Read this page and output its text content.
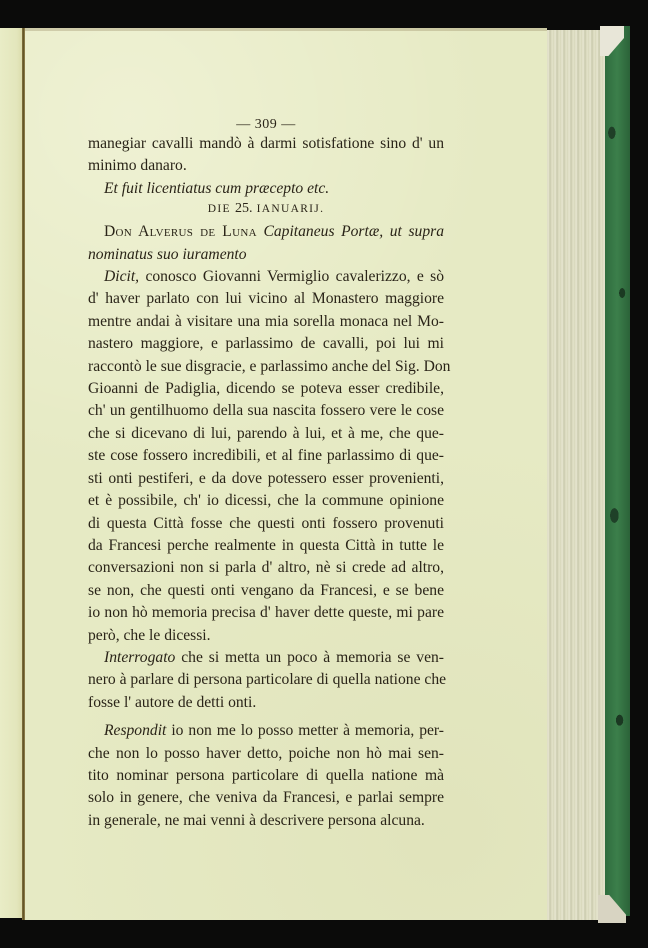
— 309 —
manegiar cavalli mandò à darmi sotisfatione sino d' un
minimo danaro.
Et fuit licentiatus cum præcepto etc.
DIE 25. IANUARIJ.
Don Alverus de Luna Capitaneus Portæ, ut supra
nominatus suo iuramento
Dicit, conosco Giovanni Vermiglio cavalerizzo, e sò
d' haver parlato con lui vicino al Monastero maggiore
mentre andai à visitare una mia sorella monaca nel Mo-
nastero maggiore, e parlassimo de cavalli, poi lui mi
raccontò le sue disgracie, e parlassimo anche del Sig. Don
Gioanni de Padiglia, dicendo se poteva esser credibile,
ch' un gentilhuomo della sua nascita fossero vere le cose
che si dicevano di lui, parendo à lui, et à me, che que-
ste cose fossero incredibili, et al fine parlassimo di que-
sti onti pestiferi, e da dove potessero esser provenienti,
et è possibile, ch' io dicessi, che la commune opinione
di questa Città fosse che questi onti fossero provenuti
da Francesi perche realmente in questa Città in tutte le
conversazioni non si parla d' altro, nè si crede ad altro,
se non, che questi onti vengano da Francesi, e se bene
io non hò memoria precisa d' haver dette queste, mi pare
però, che le dicessi.
Interrogato che si metta un poco à memoria se ven-
nero à parlare di persona particolare di quella natione che
fosse l' autore de detti onti.
Respondit io non me lo posso metter à memoria, per-
che non lo posso haver detto, poiche non hò mai sen-
tito nominar persona particolare di quella natione mà
solo in genere, che veniva da Francesi, e parlai sempre
in generale, ne mai venni à descrivere persona alcuna.
